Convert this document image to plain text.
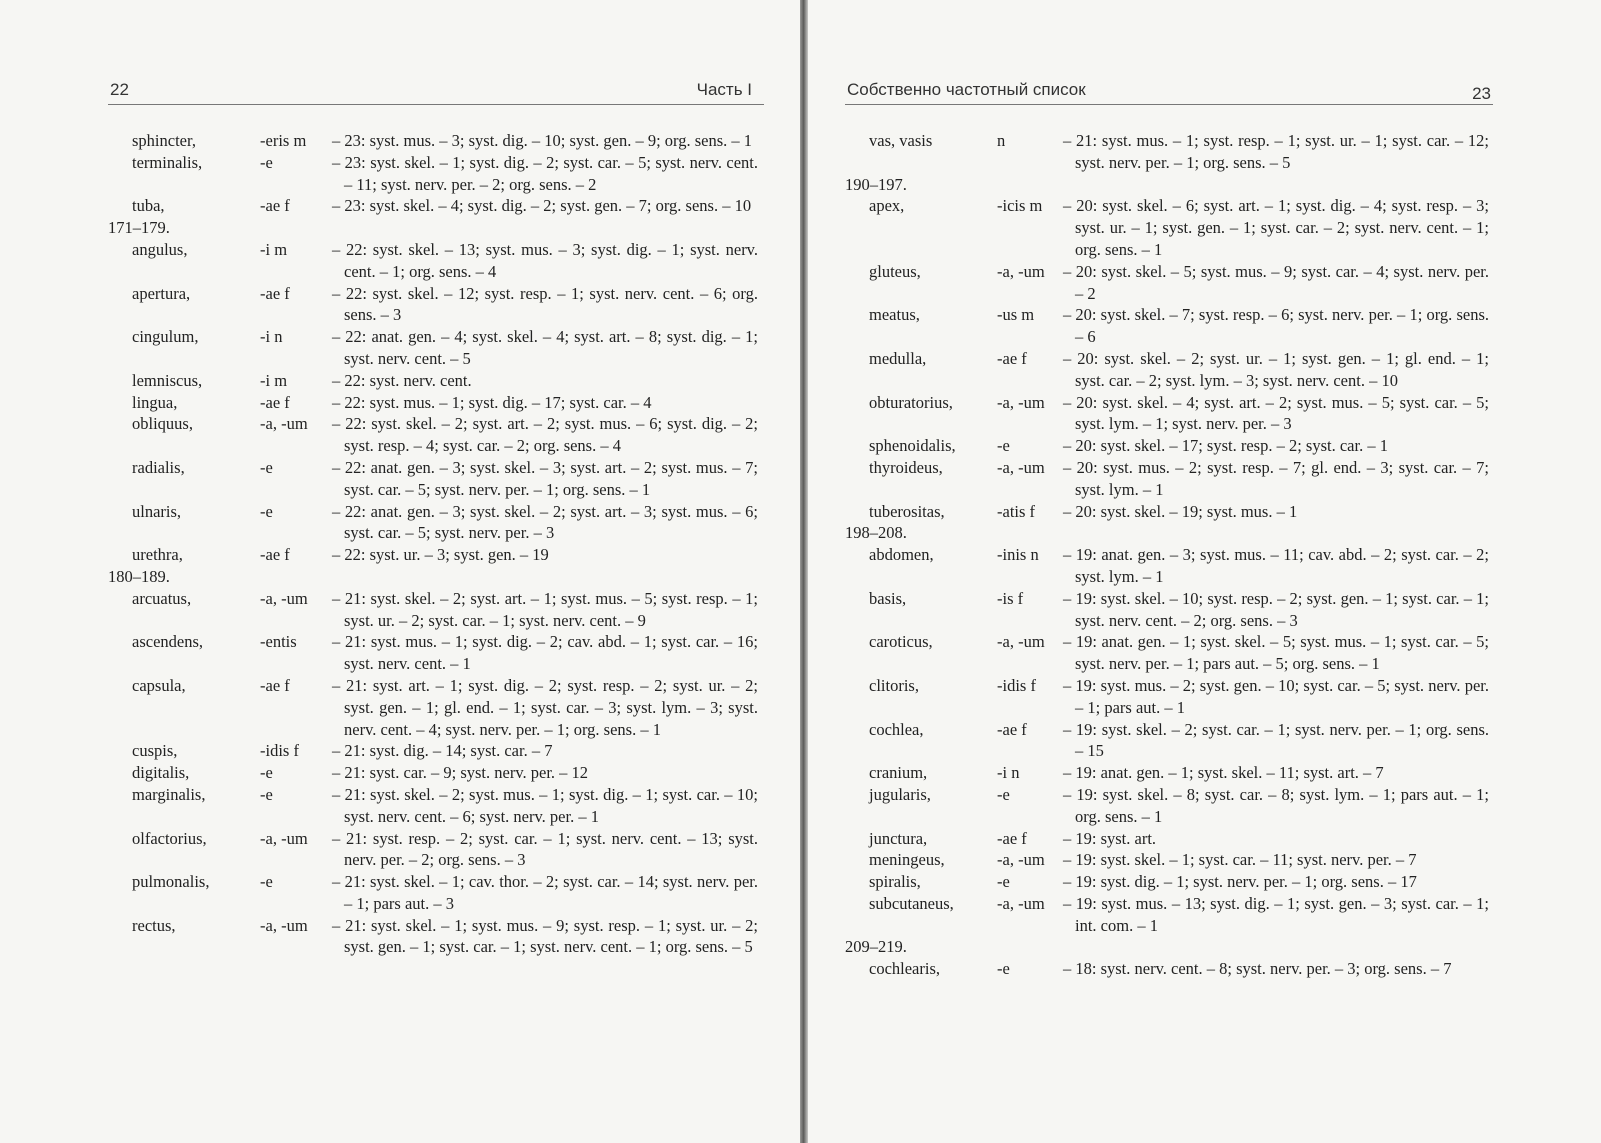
22	Часть I
sphincter,	-eris m	– 23: syst. mus. – 3; syst. dig. – 10; syst. gen. – 9; org. sens. – 1
terminalis,	-e	– 23: syst. skel. – 1; syst. dig. – 2; syst. car. – 5; syst. nerv. cent. – 11; syst. nerv. per. – 2; org. sens. – 2
tuba,	-ae f	– 23: syst. skel. – 4; syst. dig. – 2; syst. gen. – 7; org. sens. – 10
171–179.
angulus,	-i m	– 22: syst. skel. – 13; syst. mus. – 3; syst. dig. – 1; syst. nerv. cent. – 1; org. sens. – 4
apertura,	-ae f	– 22: syst. skel. – 12; syst. resp. – 1; syst. nerv. cent. – 6; org. sens. – 3
cingulum,	-i n	– 22: anat. gen. – 4; syst. skel. – 4; syst. art. – 8; syst. dig. – 1; syst. nerv. cent. – 5
lemniscus,	-i m	– 22: syst. nerv. cent.
lingua,	-ae f	– 22: syst. mus. – 1; syst. dig. – 17; syst. car. – 4
obliquus,	-a, -um	– 22: syst. skel. – 2; syst. art. – 2; syst. mus. – 6; syst. dig. – 2; syst. resp. – 4; syst. car. – 2; org. sens. – 4
radialis,	-e	– 22: anat. gen. – 3; syst. skel. – 3; syst. art. – 2; syst. mus. – 7; syst. car. – 5; syst. nerv. per. – 1; org. sens. – 1
ulnaris,	-e	– 22: anat. gen. – 3; syst. skel. – 2; syst. art. – 3; syst. mus. – 6; syst. car. – 5; syst. nerv. per. – 3
urethra,	-ae f	– 22: syst. ur. – 3; syst. gen. – 19
180–189.
arcuatus,	-a, -um	– 21: syst. skel. – 2; syst. art. – 1; syst. mus. – 5; syst. resp. – 1; syst. ur. – 2; syst. car. – 1; syst. nerv. cent. – 9
ascendens,	-entis	– 21: syst. mus. – 1; syst. dig. – 2; cav. abd. – 1; syst. car. – 16; syst. nerv. cent. – 1
capsula,	-ae f	– 21: syst. art. – 1; syst. dig. – 2; syst. resp. – 2; syst. ur. – 2; syst. gen. – 1; gl. end. – 1; syst. car. – 3; syst. lym. – 3; syst. nerv. cent. – 4; syst. nerv. per. – 1; org. sens. – 1
cuspis,	-idis f	– 21: syst. dig. – 14; syst. car. – 7
digitalis,	-e	– 21: syst. car. – 9; syst. nerv. per. – 12
marginalis,	-e	– 21: syst. skel. – 2; syst. mus. – 1; syst. dig. – 1; syst. car. – 10; syst. nerv. cent. – 6; syst. nerv. per. – 1
olfactorius,	-a, -um	– 21: syst. resp. – 2; syst. car. – 1; syst. nerv. cent. – 13; syst. nerv. per. – 2; org. sens. – 3
pulmonalis,	-e	– 21: syst. skel. – 1; cav. thor. – 2; syst. car. – 14; syst. nerv. per. – 1; pars aut. – 3
rectus,	-a, -um	– 21: syst. skel. – 1; syst. mus. – 9; syst. resp. – 1; syst. ur. – 2; syst. gen. – 1; syst. car. – 1; syst. nerv. cent. – 1; org. sens. – 5
Собственно частотный список	23
vas, vasis	n	– 21: syst. mus. – 1; syst. resp. – 1; syst. ur. – 1; syst. car. – 12; syst. nerv. per. – 1; org. sens. – 5
190–197.
apex,	-icis m	– 20: syst. skel. – 6; syst. art. – 1; syst. dig. – 4; syst. resp. – 3; syst. ur. – 1; syst. gen. – 1; syst. car. – 2; syst. nerv. cent. – 1; org. sens. – 1
gluteus,	-a, -um	– 20: syst. skel. – 5; syst. mus. – 9; syst. car. – 4; syst. nerv. per. – 2
meatus,	-us m	– 20: syst. skel. – 7; syst. resp. – 6; syst. nerv. per. – 1; org. sens. – 6
medulla,	-ae f	– 20: syst. skel. – 2; syst. ur. – 1; syst. gen. – 1; gl. end. – 1; syst. car. – 2; syst. lym. – 3; syst. nerv. cent. – 10
obturatorius,	-a, -um	– 20: syst. skel. – 4; syst. art. – 2; syst. mus. – 5; syst. car. – 5; syst. lym. – 1; syst. nerv. per. – 3
sphenoidalis,	-e	– 20: syst. skel. – 17; syst. resp. – 2; syst. car. – 1
thyroideus,	-a, -um	– 20: syst. mus. – 2; syst. resp. – 7; gl. end. – 3; syst. car. – 7; syst. lym. – 1
tuberositas,	-atis f	– 20: syst. skel. – 19; syst. mus. – 1
198–208.
abdomen,	-inis n	– 19: anat. gen. – 3; syst. mus. – 11; cav. abd. – 2; syst. car. – 2; syst. lym. – 1
basis,	-is f	– 19: syst. skel. – 10; syst. resp. – 2; syst. gen. – 1; syst. car. – 1; syst. nerv. cent. – 2; org. sens. – 3
caroticus,	-a, -um	– 19: anat. gen. – 1; syst. skel. – 5; syst. mus. – 1; syst. car. – 5; syst. nerv. per. – 1; pars aut. – 5; org. sens. – 1
clitoris,	-idis f	– 19: syst. mus. – 2; syst. gen. – 10; syst. car. – 5; syst. nerv. per. – 1; pars aut. – 1
cochlea,	-ae f	– 19: syst. skel. – 2; syst. car. – 1; syst. nerv. per. – 1; org. sens. – 15
cranium,	-i n	– 19: anat. gen. – 1; syst. skel. – 11; syst. art. – 7
jugularis,	-e	– 19: syst. skel. – 8; syst. car. – 8; syst. lym. – 1; pars aut. – 1; org. sens. – 1
junctura,	-ae f	– 19: syst. art.
meningeus,	-a, -um	– 19: syst. skel. – 1; syst. car. – 11; syst. nerv. per. – 7
spiralis,	-e	– 19: syst. dig. – 1; syst. nerv. per. – 1; org. sens. – 17
subcutaneus,	-a, -um	– 19: syst. mus. – 13; syst. dig. – 1; syst. gen. – 3; syst. car. – 1; int. com. – 1
209–219.
cochlearis,	-e	– 18: syst. nerv. cent. – 8; syst. nerv. per. – 3; org. sens. – 7
